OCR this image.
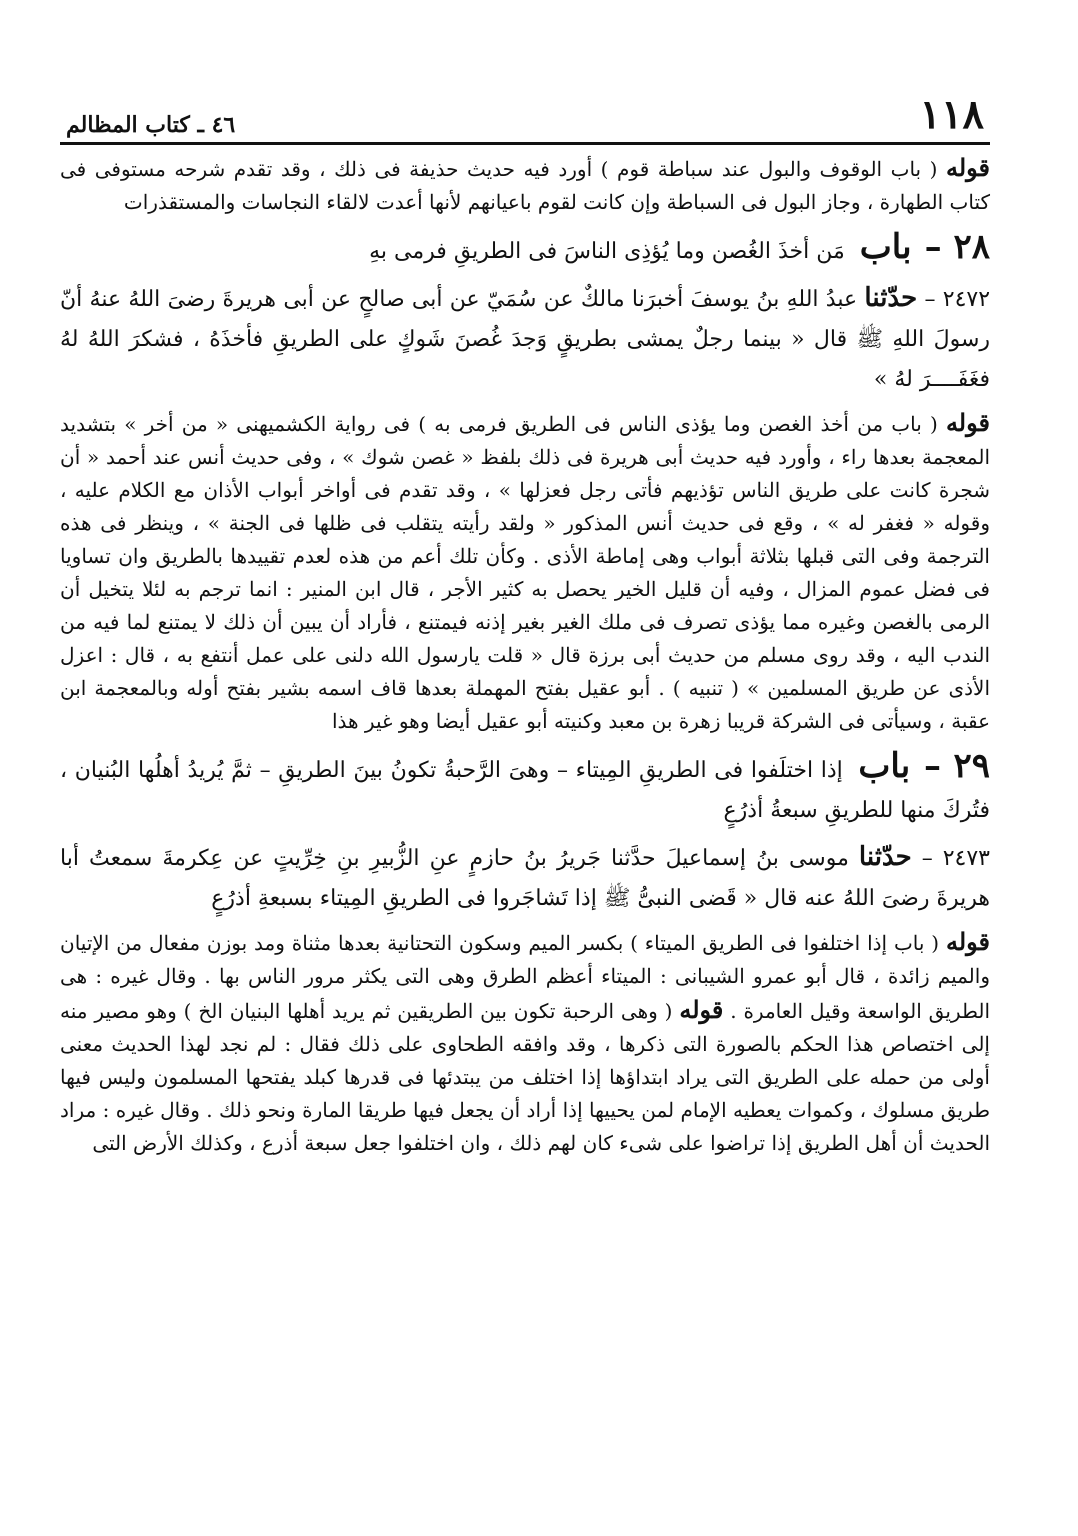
١١٨
٤٦ ـ كتاب المظالم

قوله ( باب الوقوف والبول عند سباطة قوم ) أورد فيه حديث حذيفة فى ذلك ، وقد تقدم شرحه مستوفى فى كتاب الطهارة ، وجاز البول فى السباطة وإن كانت لقوم باعيانهم لأنها أعدت لالقاء النجاسات والمستقذرات

٢٨ – باب مَن أخذَ الغُصن وما يُؤذِى الناسَ فى الطريقِ فرمى بهِ

٢٤٧٢ – حدّثنا عبدُ اللهِ بنُ يوسفَ أخبرَنا مالكٌ عن سُمَيّ عن أبى صالحٍ عن أبى هريرةَ رضىَ اللهُ عنهُ أنّ رسولَ اللهِ ﷺ قال « بينما رجلٌ يمشى بطريقٍ وَجدَ غُصنَ شَوكٍ على الطريقِ فأخذَهُ ، فشكرَ اللهُ لهُ فغَفَــــرَ لهُ »

قوله ( باب من أخذ الغصن وما يؤذى الناس فى الطريق فرمى به ) فى رواية الكشميهنى « من أخر » بتشديد المعجمة بعدها راء ، وأورد فيه حديث أبى هريرة فى ذلك بلفظ « غصن شوك » ، وفى حديث أنس عند أحمد « أن شجرة كانت على طريق الناس تؤذيهم فأتى رجل فعزلها » ، وقد تقدم فى أواخر أبواب الأذان مع الكلام عليه ، وقوله « فغفر له » ، وقع فى حديث أنس المذكور « ولقد رأيته يتقلب فى ظلها فى الجنة » ، وينظر فى هذه الترجمة وفى التى قبلها بثلاثة أبواب وهى إماطة الأذى . وكأن تلك أعم من هذه لعدم تقييدها بالطريق وان تساويا فى فضل عموم المزال ، وفيه أن قليل الخير يحصل به كثير الأجر ، قال ابن المنير : انما ترجم به لئلا يتخيل أن الرمى بالغصن وغيره مما يؤذى تصرف فى ملك الغير بغير إذنه فيمتنع ، فأراد أن يبين أن ذلك لا يمتنع لما فيه من الندب اليه ، وقد روى مسلم من حديث أبى برزة قال « قلت يارسول الله دلنى على عمل أنتفع به ، قال : اعزل الأذى عن طريق المسلمين » ( تنبيه ) . أبو عقيل بفتح المهملة بعدها قاف اسمه بشير بفتح أوله وبالمعجمة ابن عقبة ، وسيأتى فى الشركة قريبا زهرة بن معبد وكنيته أبو عقيل أيضا وهو غير هذا

٢٩ – باب إذا اختلَفوا فى الطريقِ المِيتاء – وهىَ الرَّحبةُ تكونُ بينَ الطريقِ – ثمَّ يُريدُ أهلُها البُنيان ، فتُركَ منها للطريقِ سبعةُ أذرُعٍ

٢٤٧٣ – حدّثنا موسى بنُ إسماعيلَ حدَّثنا جَريرُ بنُ حازمٍ عنِ الزُّبيرِ بنِ خِرِّيتٍ عن عِكرمةَ سمعتُ أبا هريرةَ رضىَ اللهُ عنه قال « قَضى النبىُّ ﷺ إذا تَشاجَروا فى الطريقِ المِيتاء بسبعةِ أذرُعٍ

قوله ( باب إذا اختلفوا فى الطريق الميتاء ) بكسر الميم وسكون التحتانية بعدها مثناة ومد بوزن مفعال من الإتيان والميم زائدة ، قال أبو عمرو الشيبانى : الميتاء أعظم الطرق وهى التى يكثر مرور الناس بها . وقال غيره : هى الطريق الواسعة وقيل العامرة . قوله ( وهى الرحبة تكون بين الطريقين ثم يريد أهلها البنيان الخ ) وهو مصير منه إلى اختصاص هذا الحكم بالصورة التى ذكرها ، وقد وافقه الطحاوى على ذلك فقال : لم نجد لهذا الحديث معنى أولى من حمله على الطريق التى يراد ابتداؤها إذا اختلف من يبتدئها فى قدرها كبلد يفتحها المسلمون وليس فيها طريق مسلوك ، وكموات يعطيه الإمام لمن يحييها إذا أراد أن يجعل فيها طريقا المارة ونحو ذلك . وقال غيره : مراد الحديث أن أهل الطريق إذا تراضوا على شىء كان لهم ذلك ، وان اختلفوا جعل سبعة أذرع ، وكذلك الأرض التى
